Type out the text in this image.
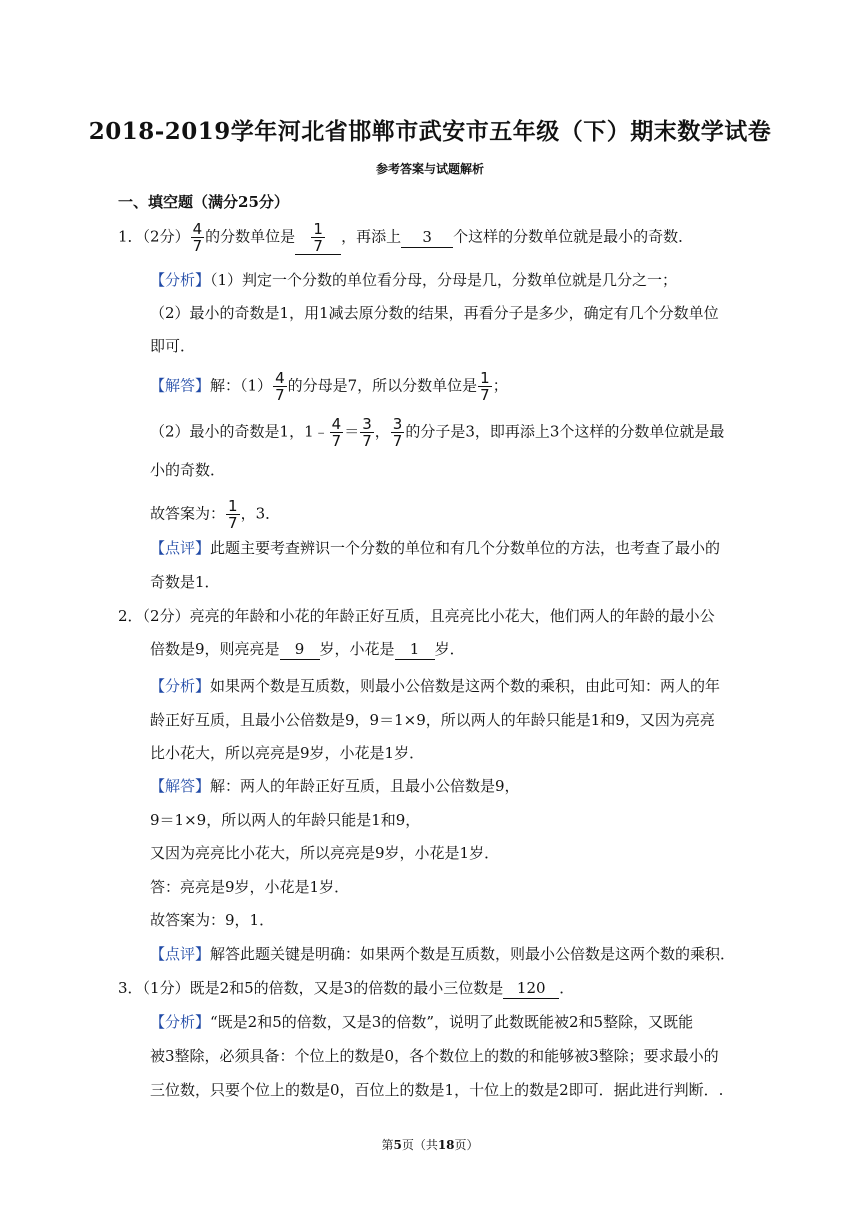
2018-2019学年河北省邯郸市武安市五年级（下）期末数学试卷
参考答案与试题解析
一、填空题（满分25分）
1．（2分） $\frac{4}{7}$ 的分数单位是 $\frac{1}{7}$ ，再添上 3 个这样的分数单位就是最小的奇数．
【分析】（1）判定一个分数的单位看分母，分母是几，分数单位就是几分之一；
（2）最小的奇数是1，用1减去原分数的结果，再看分子是多少，确定有几个分数单位
即可．
【解答】解：$(1) \frac{4}{7}$ 的分母是7，所以分数单位是 $\frac{1}{7}$ ；
（2）最小的奇数是1，1﹣ $\frac{4}{7} = \frac{3}{7}$ ， $\frac{3}{7}$ 的分子是3，即再添上3个这样的分数单位就是最
小的奇数．
故答案为： $\frac{1}{7}$ ，3．
【点评】此题主要考查辨识一个分数的单位和有几个分数单位的方法，也考查了最小的
奇数是1．
2．（2分）亮亮的年龄和小花的年龄正好互质，且亮亮比小花大，他们两人的年龄的最小公
倍数是9，则亮亮是 9 岁，小花是 1 岁．
【分析】如果两个数是互质数，则最小公倍数是这两个数的乘积，由此可知：两人的年
龄正好互质，且最小公倍数是9，9＝1×9，所以两人的年龄只能是1和9，又因为亮亮
比小花大，所以亮亮是9岁，小花是1岁．
【解答】解：两人的年龄正好互质，且最小公倍数是9，
9＝1×9，所以两人的年龄只能是1和9，
又因为亮亮比小花大，所以亮亮是9岁，小花是1岁．
答：亮亮是9岁，小花是1岁．
故答案为：9，1．
【点评】解答此题关键是明确：如果两个数是互质数，则最小公倍数是这两个数的乘积．
3．（1分）既是2和5的倍数，又是3的倍数的最小三位数是 120 ．
【分析】“既是2和5的倍数，又是3的倍数”，说明了此数既能被2和5整除，又既能
被3整除，必须具备：个位上的数是0，各个数位上的数的和能够被3整除；要求最小的
三位数，只要个位上的数是0，百位上的数是1，十位上的数是2即可．据此进行判断．.
第5页（共18页）
